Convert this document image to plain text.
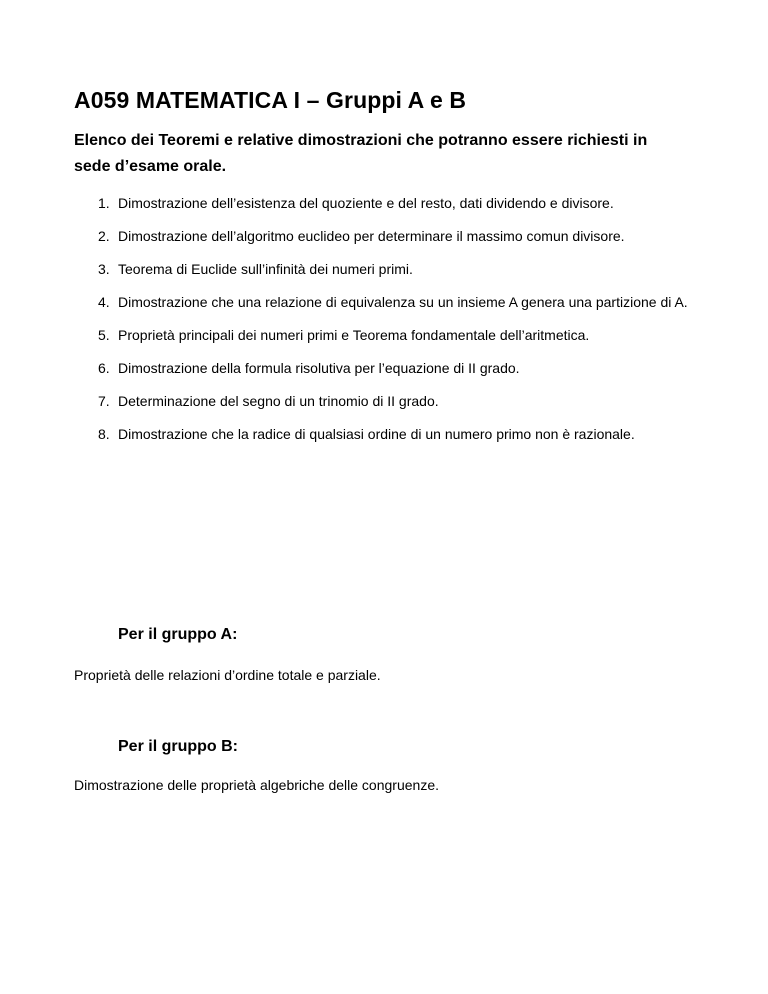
A059 MATEMATICA I – Gruppi A e B

Elenco dei Teoremi e relative dimostrazioni che potranno essere richiesti in sede d’esame orale.

1. Dimostrazione dell’esistenza del quoziente e del resto, dati dividendo e divisore.
2. Dimostrazione dell’algoritmo euclideo per determinare il massimo comun divisore.
3. Teorema di Euclide sull’infinità dei numeri primi.
4. Dimostrazione che una relazione di equivalenza su un insieme A genera una partizione di A.
5. Proprietà principali dei numeri primi e Teorema fondamentale dell’aritmetica.
6. Dimostrazione della formula risolutiva per l’equazione di II grado.
7. Determinazione del segno di un trinomio di II grado.
8. Dimostrazione che la radice di qualsiasi ordine di un numero primo non è razionale.
Per il gruppo A:

Proprietà delle relazioni d’ordine totale e parziale.

Per il gruppo B:

Dimostrazione delle proprietà algebriche delle congruenze.
